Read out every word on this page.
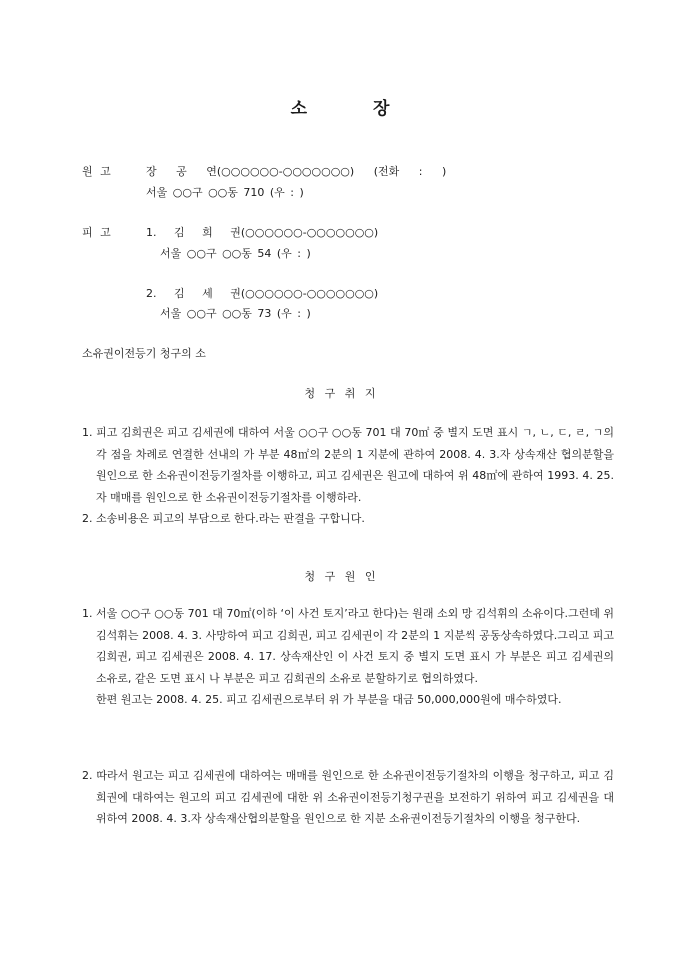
소 장
원 고	장 공 연(○○○○○○-○○○○○○○) (전화 : )
서울 ○○구 ○○동 710 (우 : )
피 고	1. 김 희 권(○○○○○○-○○○○○○○)
서울 ○○구 ○○동 54 (우 : )
2. 김 세 권(○○○○○○-○○○○○○○)
서울 ○○구 ○○동 73 (우 : )
소유권이전등기 청구의 소
청 구 취 지
1. 피고 김희권은 피고 김세권에 대하여 서울 ○○구 ○○동 701 대 70㎡ 중 별지 도면 표시 ㄱ, ㄴ, ㄷ, ㄹ, ㄱ의 각 점을 차례로 연결한 선내의 가 부분 48㎡의 2분의 1 지분에 관하여 2008. 4. 3.자 상속재산 협의분할을 원인으로 한 소유권이전등기절차를 이행하고, 피고 김세권은 원고에 대하여 위 48㎡에 관하여 1993. 4. 25.자 매매를 원인으로 한 소유권이전등기절차를 이행하라.
2. 소송비용은 피고의 부담으로 한다.라는 판결을 구합니다.
청 구 원 인
1. 서울 ○○구 ○○동 701 대 70㎡(이하 ‘이 사건 토지’라고 한다)는 원래 소외 망 김석휘의 소유이다.그런데 위 김석휘는 2008. 4. 3. 사망하여 피고 김희권, 피고 김세권이 각 2분의 1 지분씩 공동상속하였다.그리고 피고 김희권, 피고 김세권은 2008. 4. 17. 상속재산인 이 사건 토지 중 별지 도면 표시 가 부분은 피고 김세권의 소유로, 같은 도면 표시 나 부분은 피고 김희권의 소유로 분할하기로 협의하였다.
한편 원고는 2008. 4. 25. 피고 김세권으로부터 위 가 부분을 대금 50,000,000원에 매수하였다.
2. 따라서 원고는 피고 김세권에 대하여는 매매를 원인으로 한 소유권이전등기절차의 이행을 청구하고, 피고 김희권에 대하여는 원고의 피고 김세권에 대한 위 소유권이전등기청구권을 보전하기 위하여 피고 김세권을 대위하여 2008. 4. 3.자 상속재산협의분할을 원인으로 한 지분 소유권이전등기절차의 이행을 청구한다.
